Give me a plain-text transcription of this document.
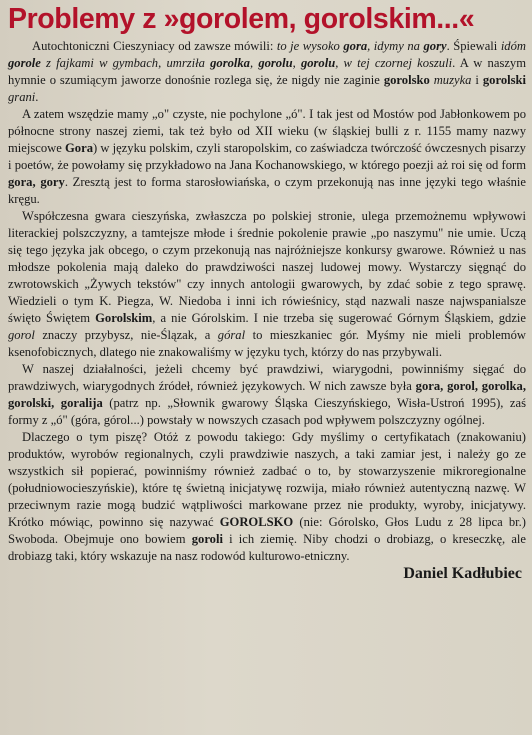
Problemy z »gorolem, gorolskim...«

Autochtoniczni Cieszyniacy od zawsze mówili: to je wysoko gora, idymy na gory. Śpiewali idóm gorole z fajkami w gymbach, umrziła gorolka, gorolu, gorolu, w tej czornej koszuli. A w naszym hymnie o szumiącym jaworze donośnie rozlega się, że nigdy nie zaginie gorolsko muzyka i gorolski grani.

A zatem wszędzie mamy „o" czyste, nie pochylone „ó". I tak jest od Mostów pod Jabłonkowem po północne strony naszej ziemi, tak też było od XII wieku (w śląskiej bulli z r. 1155 mamy nazwy miejscowe Gora) w języku polskim, czyli staropolskim, co zaświadcza twórczość ówczesnych pisarzy i poetów, że powołamy się przykładowo na Jana Kochanowskiego, w którego poezji aż roi się od form gora, gory. Zresztą jest to forma starosłowiańska, o czym przekonują nas inne języki tego właśnie kręgu.

Współczesna gwara cieszyńska, zwłaszcza po polskiej stronie, ulega przemożnemu wpływowi literackiej polszczyzny, a tamtejsze młode i średnie pokolenie prawie „po naszymu" nie umie. Uczą się tego języka jak obcego, o czym przekonują nas najróżniejsze konkursy gwarowe. Również u nas młodsze pokolenia mają daleko do prawdziwości naszej ludowej mowy. Wystarczy sięgnąć do zwrotowskich „Żywych tekstów" czy innych antologii gwarowych, by zdać sobie z tego sprawę. Wiedzieli o tym K. Piegza, W. Niedoba i inni ich rówieśnicy, stąd nazwali nasze najwspanialsze święto Świętem Gorolskim, a nie Górolskim. I nie trzeba się sugerować Górnym Śląskiem, gdzie gorol znaczy przybysz, nie-Ślązak, a góral to mieszkaniec gór. Myśmy nie mieli problemów ksenofobicznych, dlatego nie znakowaliśmy w języku tych, którzy do nas przybywali.

W naszej działalności, jeżeli chcemy być prawdziwi, wiarygodni, powinniśmy sięgać do prawdziwych, wiarygodnych źródeł, również językowych. W nich zawsze była gora, gorol, gorolka, gorolski, goralija (patrz np. „Słownik gwarowy Śląska Cieszyńskiego, Wisła-Ustroń 1995), zaś formy z „ó" (góra, górol...) powstały w nowszych czasach pod wpływem polszczyzny ogólnej.

Dlaczego o tym piszę? Otóż z powodu takiego: Gdy myślimy o certyfikatach (znakowaniu) produktów, wyrobów regionalnych, czyli prawdziwie naszych, a taki zamiar jest, i należy go ze wszystkich sił popierać, powinniśmy również zadbać o to, by stowarzyszenie mikroregionalne (południowocieszyńskie), które tę świetną inicjatywę rozwija, miało również autentyczną nazwę. W przeciwnym razie mogą budzić wątpliwości markowane przez nie produkty, wyroby, inicjatywy. Krótko mówiąc, powinno się nazywać GOROLSKO (nie: Górolsko, Głos Ludu z 28 lipca br.) Swoboda. Obejmuje ono bowiem goroli i ich ziemię. Niby chodzi o drobiazg, o kreseczkę, ale drobiazg taki, który wskazuje na nasz rodowód kulturowo-etniczny.

Daniel Kadłubiec
